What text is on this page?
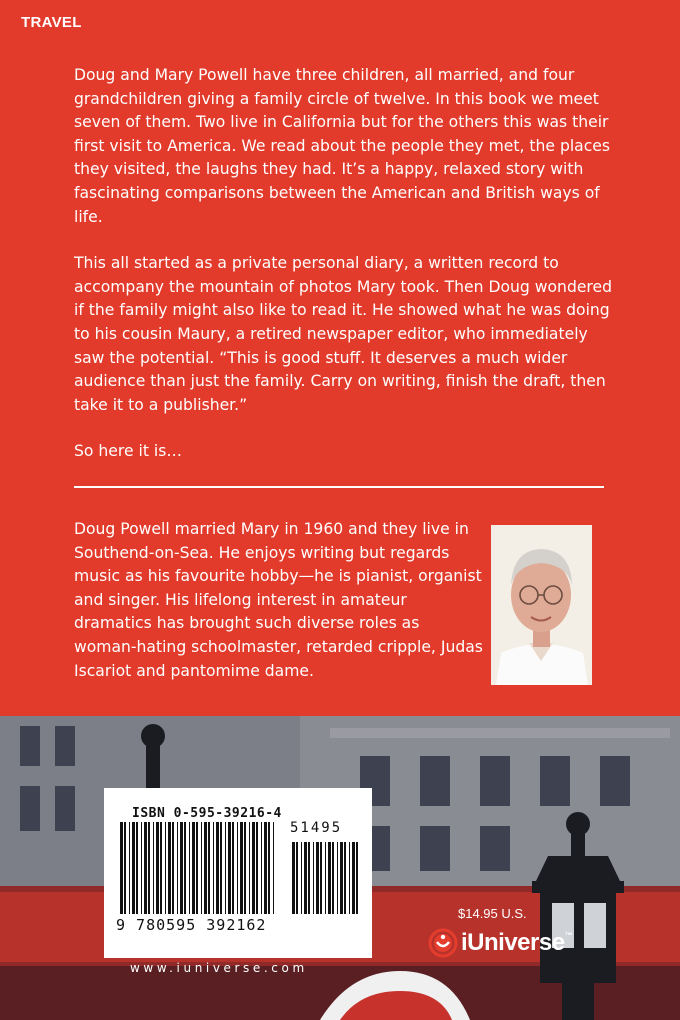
TRAVEL

Doug and Mary Powell have three children, all married, and four grandchildren giving a family circle of twelve. In this book we meet seven of them. Two live in California but for the others this was their first visit to America. We read about the people they met, the places they visited, the laughs they had. It’s a happy, relaxed story with fascinating comparisons between the American and British ways of life.

This all started as a private personal diary, a written record to accompany the mountain of photos Mary took. Then Doug wondered if the family might also like to read it. He showed what he was doing to his cousin Maury, a retired newspaper editor, who immediately saw the potential. “This is good stuff. It deserves a much wider audience than just the family. Carry on writing, finish the draft, then take it to a publisher.”

So here it is…

Doug Powell married Mary in 1960 and they live in Southend-on-Sea. He enjoys writing but regards music as his favourite hobby—he is pianist, organist and singer. His lifelong interest in amateur dramatics has brought such diverse roles as woman-hating schoolmaster, retarded cripple, Judas Iscariot and pantomime dame.
ISBN 0-595-39216-4
51495
9 780595 392162
www.iuniverse.com
$14.95 U.S.
iUniverse™
